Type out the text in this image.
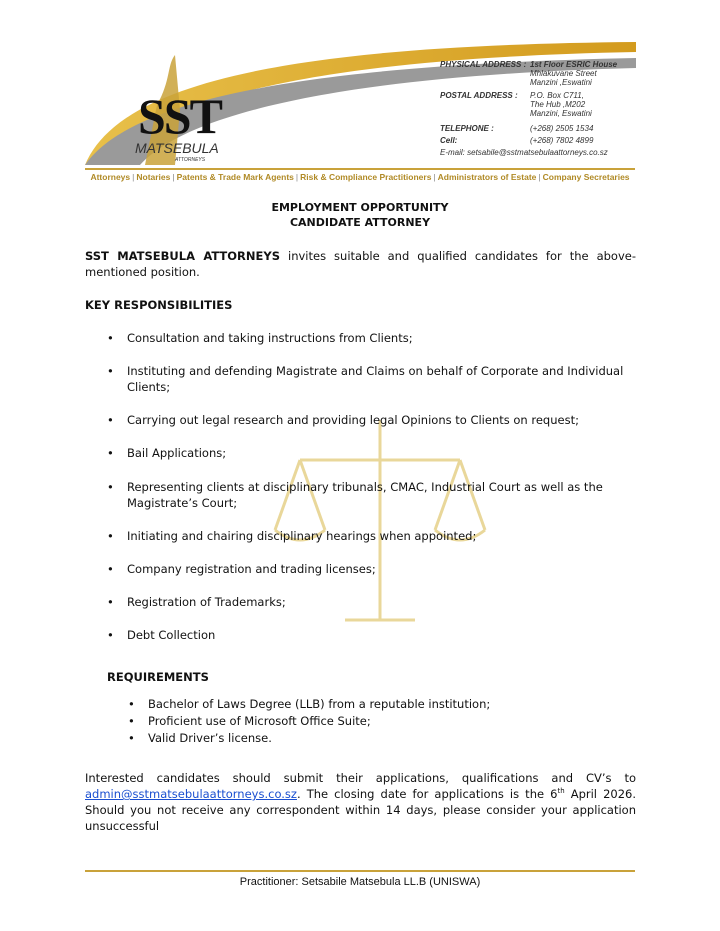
SST
MATSEBULA
ATTORNEYS
PHYSICAL ADDRESS : 1st Floor ESRIC House
Mhlakuvane Street
Manzini ,Eswatini
POSTAL ADDRESS :	P.O. Box C711,
The Hub ,M202
Manzini, Eswatini
TELEPHONE :	(+268) 2505 1534
Cell:	(+268) 7802 4899
E-mail: setsabile@sstmatsebulaattorneys.co.sz
Attorneys | Notaries | Patents & Trade Mark Agents | Risk & Compliance Practitioners | Administrators of Estate | Company Secretaries
EMPLOYMENT OPPORTUNITY
CANDIDATE ATTORNEY
SST MATSEBULA ATTORNEYS invites suitable and qualified candidates for the above-mentioned position.
KEY RESPONSIBILITIES
• Consultation and taking instructions from Clients;
• Instituting and defending Magistrate and Claims on behalf of Corporate and Individual Clients;
• Carrying out legal research and providing legal Opinions to Clients on request;
• Bail Applications;
• Representing clients at disciplinary tribunals, CMAC, Industrial Court as well as the Magistrate’s Court;
• Initiating and chairing disciplinary hearings when appointed;
• Company registration and trading licenses;
• Registration of Trademarks;
• Debt Collection
REQUIREMENTS
• Bachelor of Laws Degree (LLB) from a reputable institution;
• Proficient use of Microsoft Office Suite;
• Valid Driver’s license.
Interested candidates should submit their applications, qualifications and CV’s to admin@sstmatsebulaattorneys.co.sz. The closing date for applications is the 6th April 2026. Should you not receive any correspondent within 14 days, please consider your application unsuccessful
Practitioner: Setsabile Matsebula LL.B (UNISWA)
